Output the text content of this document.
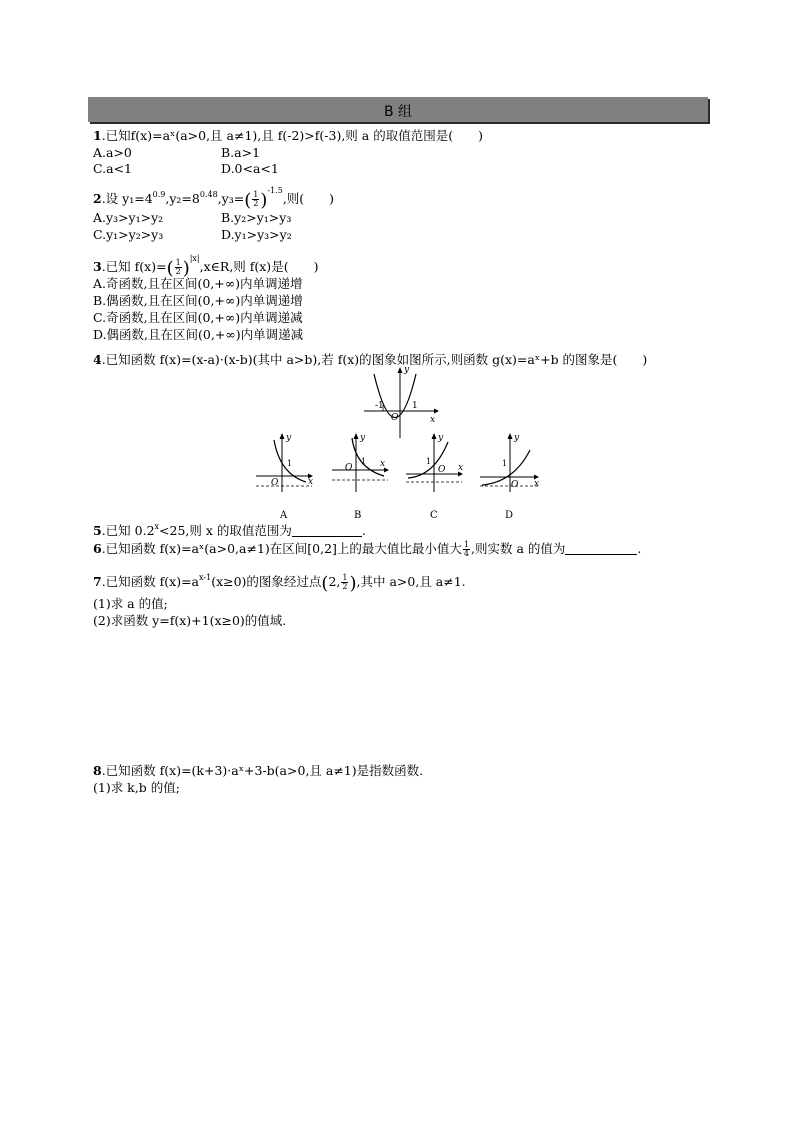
B 组
1.已知f(x)=aˣ(a>0,且 a≠1),且 f(-2)>f(-3),则 a 的取值范围是(　　)
A.a>0	B.a>1
C.a<1	D.0<a<1
2.设 $y_1=4^{0.9},y_2=8^{0.48},y_3=( \frac{1}{2} )^{-1.5}$,则(　　)
A.y₃>y₁>y₂	B.y₂>y₁>y₃
C.y₁>y₂>y₃	D.y₁>y₃>y₂
3.已知 $f(x)=( \frac{1}{2}$ )$^{|x|},x\in R$,则 f(x)是(　　)
A.奇函数,且在区间(0,+∞)内单调递增
B.偶函数,且在区间(0,+∞)内单调递增
C.奇函数,且在区间(0,+∞)内单调递减
D.偶函数,且在区间(0,+∞)内单调递减
4.已知函数 f(x)=(x-a)·(x-b)(其中 a>b),若 f(x)的图象如图所示,则函数 g(x)=aˣ+b 的图象是(　　)
y
x
O
-1	1
y
1
O	x
A
y
1
O	x
B
y
1
O x
C
y
1
O x
D
5.已知 $0.2^x<25$,则 x 的取值范围为	.
6.已知函数 f(x)=aˣ(a>0,a≠1)在区间[0,2]上的最大值比最小值大 $\frac{1}{4}$ ,则实数 a 的值为	.
7.已知函数 $f(x)=a^{x-1}(x\ge 0)$的图象经过点(2, $\frac{1}{2}$ ),其中 a>0,且 a≠1.
(1)求 a 的值;
(2)求函数 y=f(x)+1(x≥0)的值域.
8.已知函数 f(x)=(k+3)·aˣ+3-b(a>0,且 a≠1)是指数函数.
(1)求 k,b 的值;
